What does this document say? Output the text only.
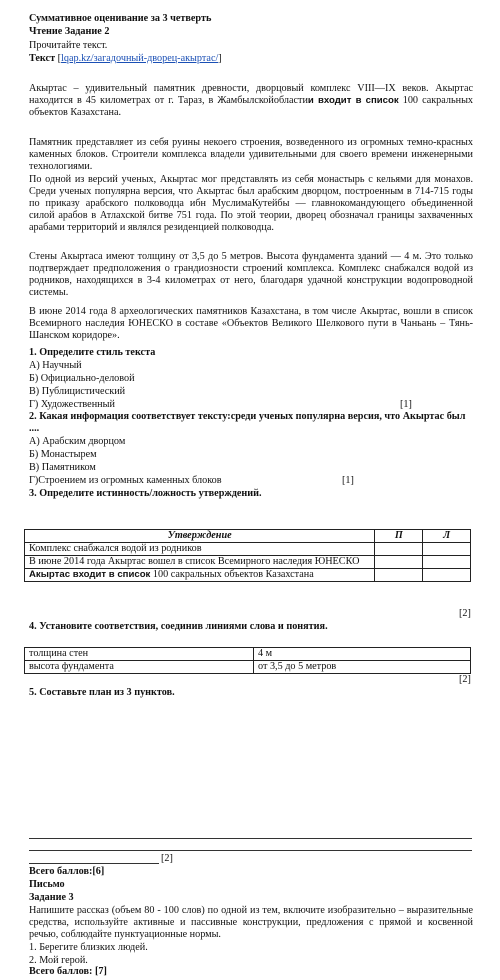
Суммативное оценивание за 3 четверть
Чтение Задание 2
Прочитайте текст.
Текст [lqap.kz/загадочный-дворец-акыртас/]
Акыртас – удивительный памятник древности, дворцовый комплекс VIII—IX веков. Акыртас находится в 45 километрах от г. Тараз, в Жамбылскойобластии входит в список 100 сакральных объектов Казахстана.
Памятник представляет из себя руины некоего строения, возведенного из огромных темно-красных каменных блоков. Строители комплекса владели удивительными для своего времени инженерными технологиями.
По одной из версий ученых, Акыртас мог представлять из себя монастырь с кельями для монахов. Среди ученых популярна версия, что Акыртас был арабским дворцом, построенным в 714-715 годы по приказу арабского полководца ибн МуслимаКутейбы — главнокомандующего объединенной силой арабов в Атлахской битве 751 года. По этой теории, дворец обозначал границы захваченных арабами территорий и являлся резиденцией полководца.
Стены Акыртаса имеют толщину от 3,5 до 5 метров. Высота фундамента зданий — 4 м. Это только подтверждает предположения о грандиозности строений комплекса. Комплекс снабжался водой из родников, находящихся в 3-4 километрах от него, благодаря удачной конструкции водопроводной системы.
В июне 2014 года 8 археологических памятников Казахстана, в том числе Акыртас, вошли в список Всемирного наследия ЮНЕСКО в составе «Объектов Великого Шелкового пути в Чаньань – Тянь-Шанском коридоре».
1. Определите стиль текста
А) Научный
Б) Официально-деловой
В) Публицистический
Г) Художественный	[1]
2. Какая информация соответствует тексту:среди ученых популярна версия, что Акыртас был ....
А) Арабским дворцом
Б) Монастырем
В) Памятником
Г)Строением из огромных каменных блоков	[1]
3. Определите истинность/ложность утверждений.
Утверждение	П	Л
Комплекс снабжался водой из родников		
В июне 2014 года Акыртас вошел в список Всемирного наследия ЮНЕСКО		
Акыртас входит в список 100 сакральных объектов Казахстана		
[2]
4. Установите соответствия, соединив линиями слова и понятия.
толщина стен	4 м
высота фундамента	от 3,5 до 5 метров
[2]
5. Составьте план из 3 пунктов.
[2]
Всего баллов:[6]
Письмо
Задание 3
Напишите рассказ (объем 80 - 100 слов) по одной из тем, включите изобразительно – выразительные средства, используйте активные и пассивные конструкции, предложения с прямой и косвенной речью, соблюдайте пунктуационные нормы.
1. Берегите близких людей.
2. Мой герой.
Всего баллов: [7]
